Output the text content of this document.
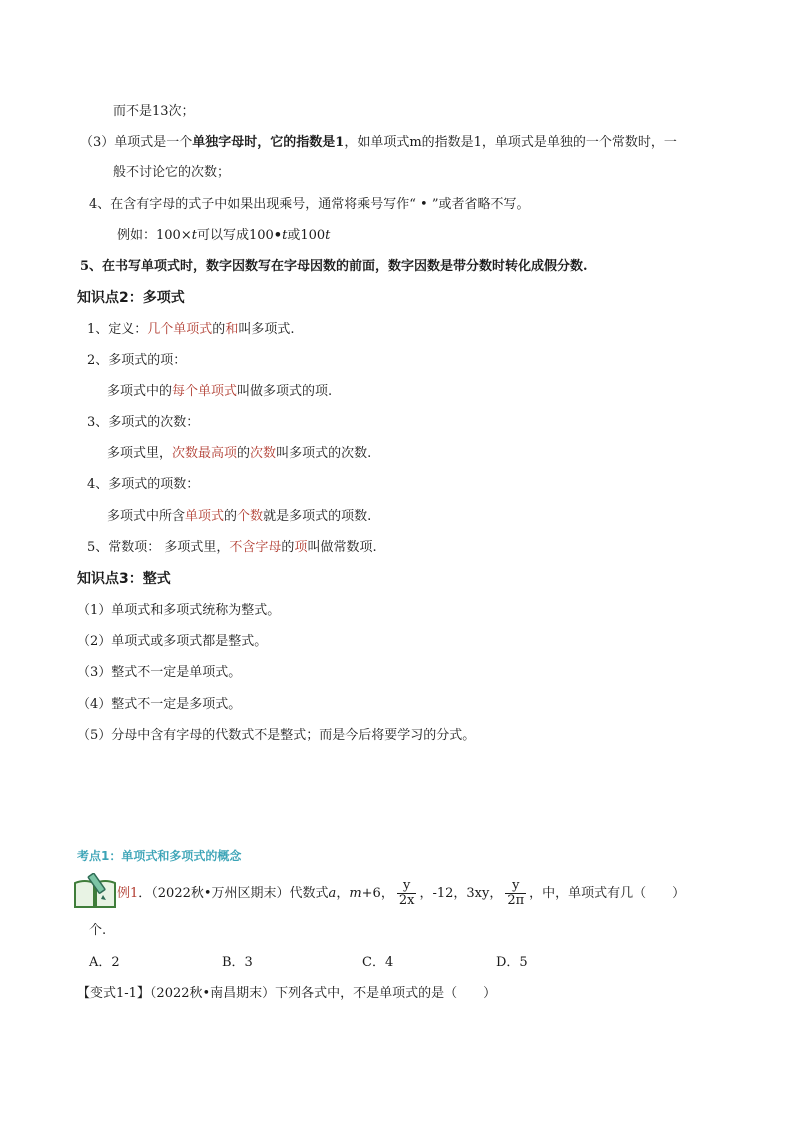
而不是13次；
（3）单项式是一个单独字母时，它的指数是1，如单项式m的指数是1，单项式是单独的一个常数时，一
般不讨论它的次数；
4、在含有字母的式子中如果出现乘号，通常将乘号写作“ • ”或者省略不写。
例如：100×t可以写成100•t或100t
5、在书写单项式时，数字因数写在字母因数的前面，数字因数是带分数时转化成假分数.
知识点2：多项式
1、定义：几个单项式的和叫多项式.
2、多项式的项：
多项式中的每个单项式叫做多项式的项.
3、多项式的次数：
多项式里，次数最高项的次数叫多项式的次数.
4、多项式的项数：
多项式中所含单项式的个数就是多项式的项数.
5、常数项： 多项式里，不含字母的项叫做常数项.
知识点3：整式
（1）单项式和多项式统称为整式。
（2）单项式或多项式都是整式。
（3）整式不一定是单项式。
（4）整式不一定是多项式。
（5）分母中含有字母的代数式不是整式；而是今后将要学习的分式。
考点1：单项式和多项式的概念
例1．（2022秋•万州区期末）代数式a，m+6， $\frac{y}{2x}$ ，-12，3xy， $\frac{y}{2\pi}$ ，中，单项式有几（　　）
个.
A．2	B．3	C．4	D．5
【变式1-1】（2022秋•南昌期末）下列各式中，不是单项式的是（　　）
